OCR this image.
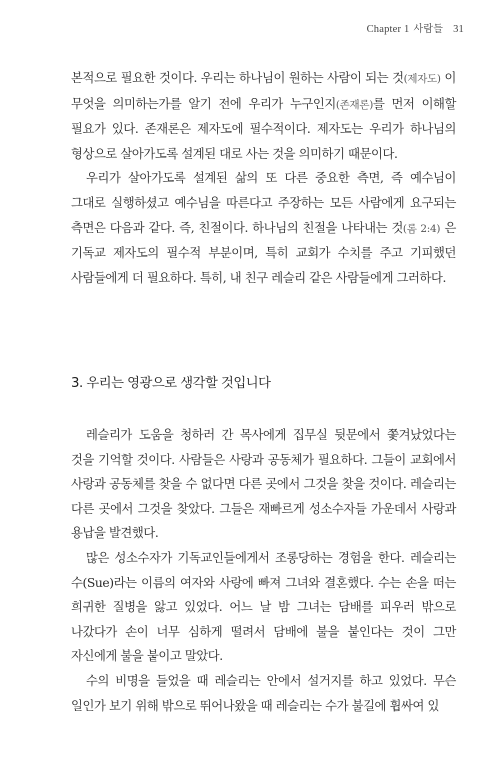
Chapter 1 사람들 31

본적으로 필요한 것이다. 우리는 하나님이 원하는 사람이 되는 것(제자도) 이 무엇을 의미하는가를 알기 전에 우리가 누구인지(존재론)를 먼저 이해할 필요가 있다. 존재론은 제자도에 필수적이다. 제자도는 우리가 하나님의 형상으로 살아가도록 설계된 대로 사는 것을 의미하기 때문이다.

우리가 살아가도록 설계된 삶의 또 다른 중요한 측면, 즉 예수님이 그대로 실행하셨고 예수님을 따른다고 주장하는 모든 사람에게 요구되는 측면은 다음과 같다. 즉, 친절이다. 하나님의 친절을 나타내는 것(롬 2:4) 은 기독교 제자도의 필수적 부분이며, 특히 교회가 수치를 주고 기피했던 사람들에게 더 필요하다. 특히, 내 친구 레슬리 같은 사람들에게 그러하다.

3. 우리는 영광으로 생각할 것입니다

레슬리가 도움을 청하러 간 목사에게 집무실 뒷문에서 쫓겨났었다는 것을 기억할 것이다. 사람들은 사랑과 공동체가 필요하다. 그들이 교회에서 사랑과 공동체를 찾을 수 없다면 다른 곳에서 그것을 찾을 것이다. 레슬리는 다른 곳에서 그것을 찾았다. 그들은 재빠르게 성소수자들 가운데서 사랑과 용납을 발견했다.

많은 성소수자가 기독교인들에게서 조롱당하는 경험을 한다. 레슬리는 수(Sue)라는 이름의 여자와 사랑에 빠져 그녀와 결혼했다. 수는 손을 떠는 희귀한 질병을 앓고 있었다. 어느 날 밤 그녀는 담배를 피우러 밖으로 나갔다가 손이 너무 심하게 떨려서 담배에 불을 붙인다는 것이 그만 자신에게 불을 붙이고 말았다.

수의 비명을 들었을 때 레슬리는 안에서 설거지를 하고 있었다. 무슨 일인가 보기 위해 밖으로 뛰어나왔을 때 레슬리는 수가 불길에 휩싸여 있
